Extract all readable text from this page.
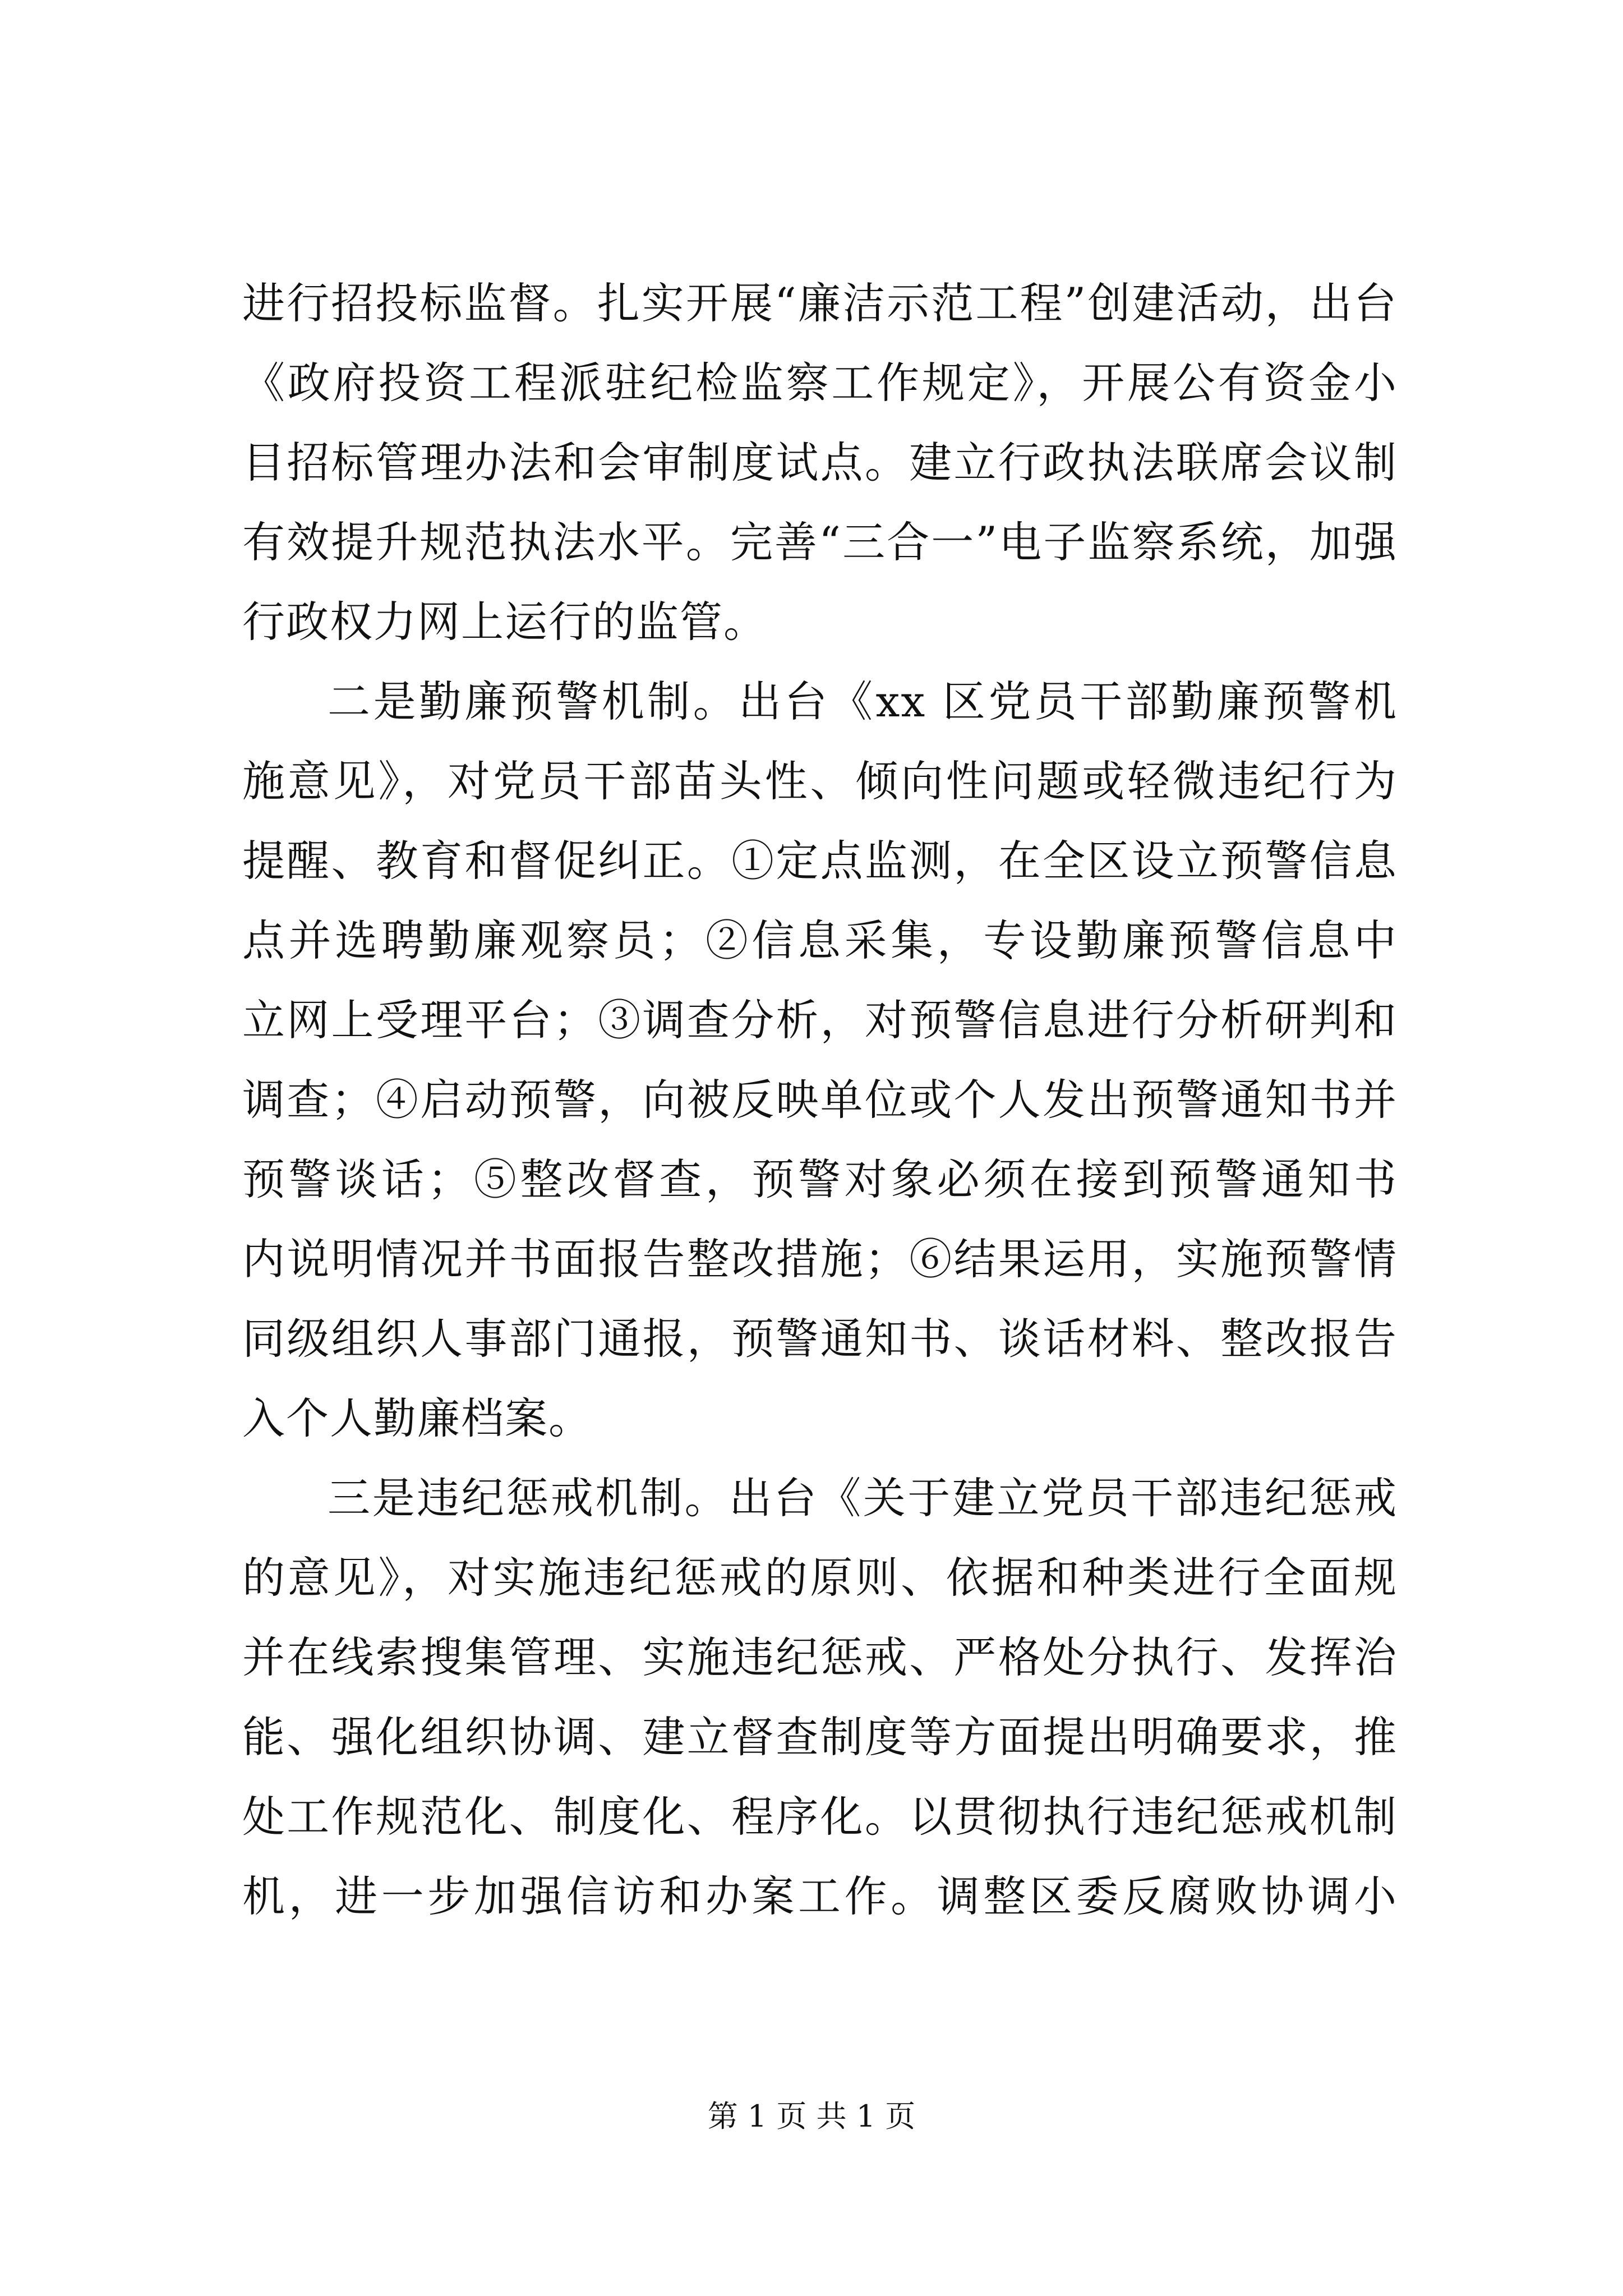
进行招投标监督。扎实开展“廉洁示范工程”创建活动，出台
《政府投资工程派驻纪检监察工作规定》，开展公有资金小
目招标管理办法和会审制度试点。建立行政执法联席会议制
有效提升规范执法水平。完善“三合一”电子监察系统，加强
行政权力网上运行的监管。
二是勤廉预警机制。出台《xx 区党员干部勤廉预警机
施意见》，对党员干部苗头性、倾向性问题或轻微违纪行为
提醒、教育和督促纠正。①定点监测，在全区设立预警信息
点并选聘勤廉观察员；②信息采集，专设勤廉预警信息中
立网上受理平台；③调查分析，对预警信息进行分析研判和
调查；④启动预警，向被反映单位或个人发出预警通知书并
预警谈话；⑤整改督查，预警对象必须在接到预警通知书
内说明情况并书面报告整改措施；⑥结果运用，实施预警情
同级组织人事部门通报，预警通知书、谈话材料、整改报告
入个人勤廉档案。
三是违纪惩戒机制。出台《关于建立党员干部违纪惩戒
的意见》，对实施违纪惩戒的原则、依据和种类进行全面规
并在线索搜集管理、实施违纪惩戒、严格处分执行、发挥治
能、强化组织协调、建立督查制度等方面提出明确要求，推
处工作规范化、制度化、程序化。以贯彻执行违纪惩戒机制
机，进一步加强信访和办案工作。调整区委反腐败协调小
第 1 页 共 1 页
